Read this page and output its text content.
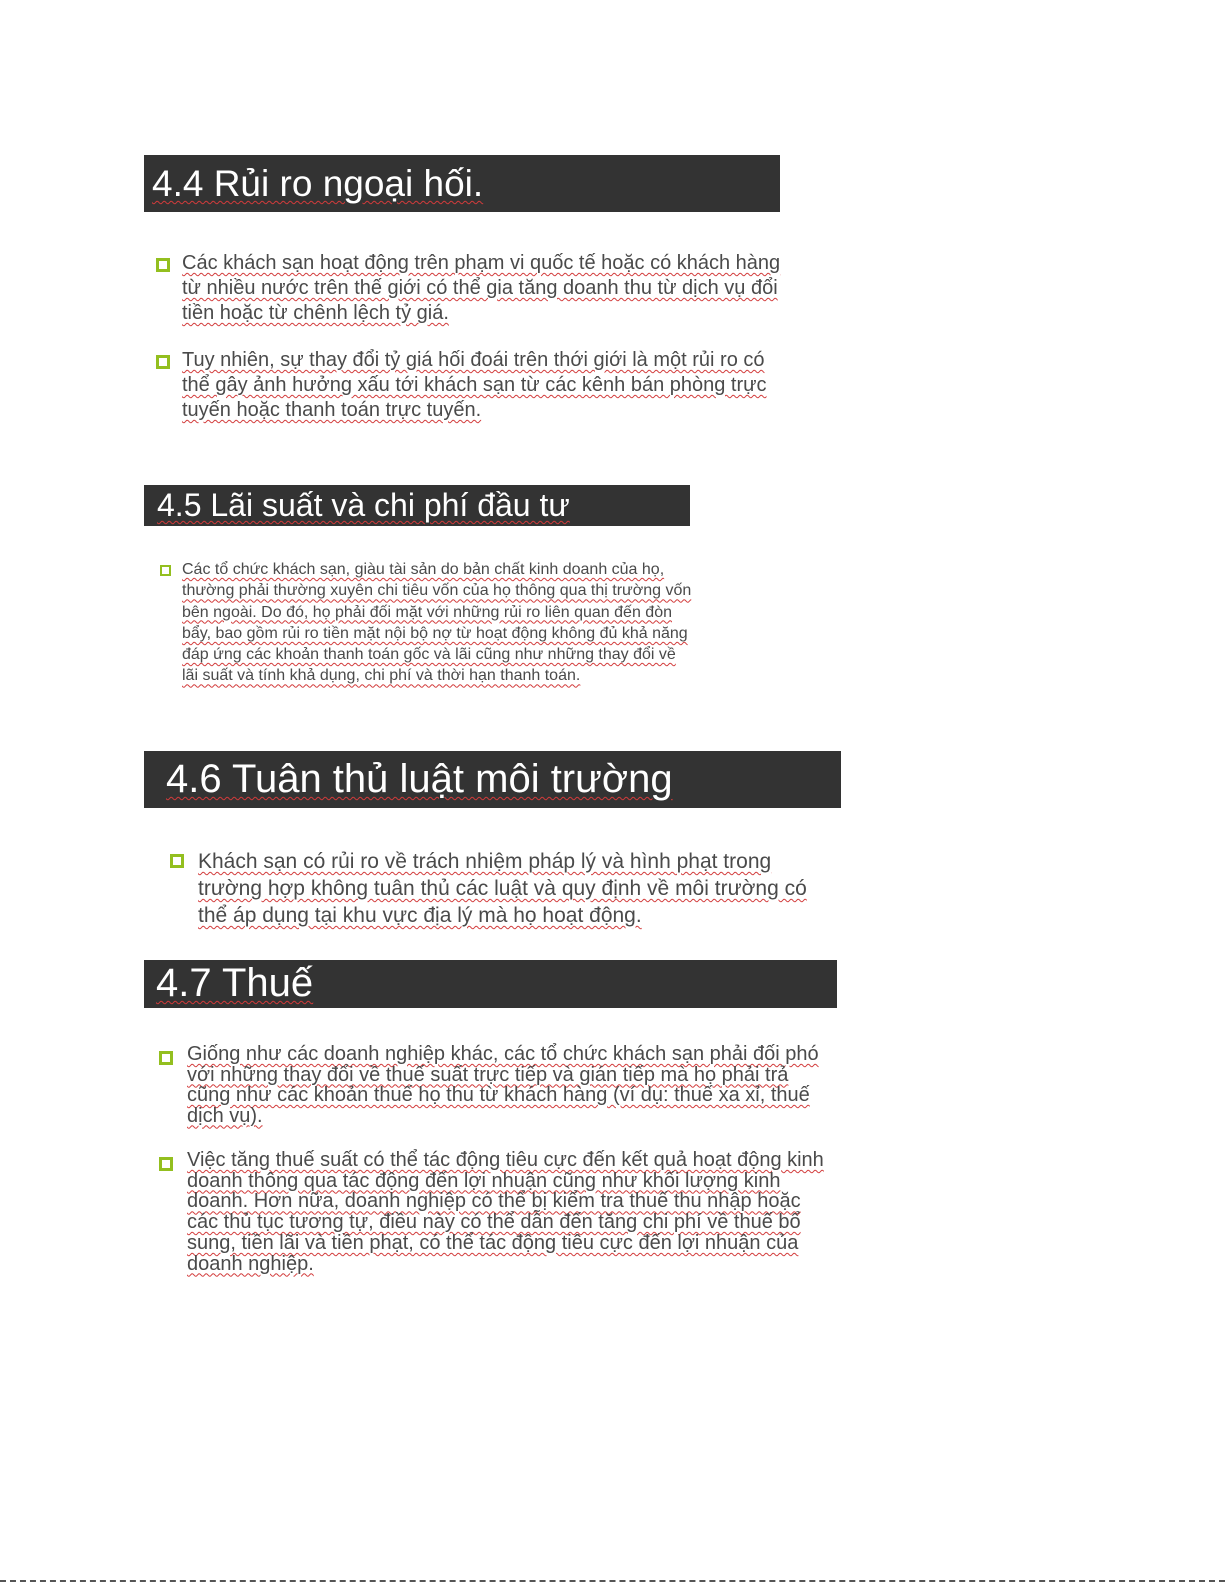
4.4 Rủi ro ngoại hối.
Các khách sạn hoạt động trên phạm vi quốc tế hoặc có khách hàng từ nhiều nước trên thế giới có thể gia tăng doanh thu từ dịch vụ đổi tiền hoặc từ chênh lệch tỷ giá.
Tuy nhiên, sự thay đổi tỷ giá hối đoái trên thới giới là một rủi ro có thể gây ảnh hưởng xấu tới khách sạn từ các kênh bán phòng trực tuyến hoặc thanh toán trực tuyến.
4.5 Lãi suất và chi phí đầu tư
Các tổ chức khách sạn, giàu tài sản do bản chất kinh doanh của họ, thường phải thường xuyên chi tiêu vốn của họ thông qua thị trường vốn bên ngoài. Do đó, họ phải đối mặt với những rủi ro liên quan đến đòn bẩy, bao gồm rủi ro tiền mặt nội bộ nợ từ hoạt động không đủ khả năng đáp ứng các khoản thanh toán gốc và lãi cũng như những thay đổi về lãi suất và tính khả dụng, chi phí và thời hạn thanh toán.
4.6 Tuân thủ luật môi trường
Khách sạn có rủi ro về trách nhiệm pháp lý và hình phạt trong trường hợp không tuân thủ các luật và quy định về môi trường có thể áp dụng tại khu vực địa lý mà họ hoạt động.
4.7 Thuế
Giống như các doanh nghiệp khác, các tổ chức khách sạn phải đối phó với những thay đổi về thuế suất trực tiếp và gián tiếp mà họ phải trả cũng như các khoản thuế họ thu từ khách hàng (ví dụ: thuế xa xỉ, thuế dịch vụ).
Việc tăng thuế suất có thể tác động tiêu cực đến kết quả hoạt động kinh doanh thông qua tác động đến lợi nhuận cũng như khối lượng kinh doanh. Hơn nữa, doanh nghiệp có thể bị kiểm tra thuế thu nhập hoặc các thủ tục tương tự, điều này có thể dẫn đến tăng chi phí về thuế bổ sung, tiền lãi và tiền phạt, có thể tác động tiêu cực đến lợi nhuận của doanh nghiệp.
